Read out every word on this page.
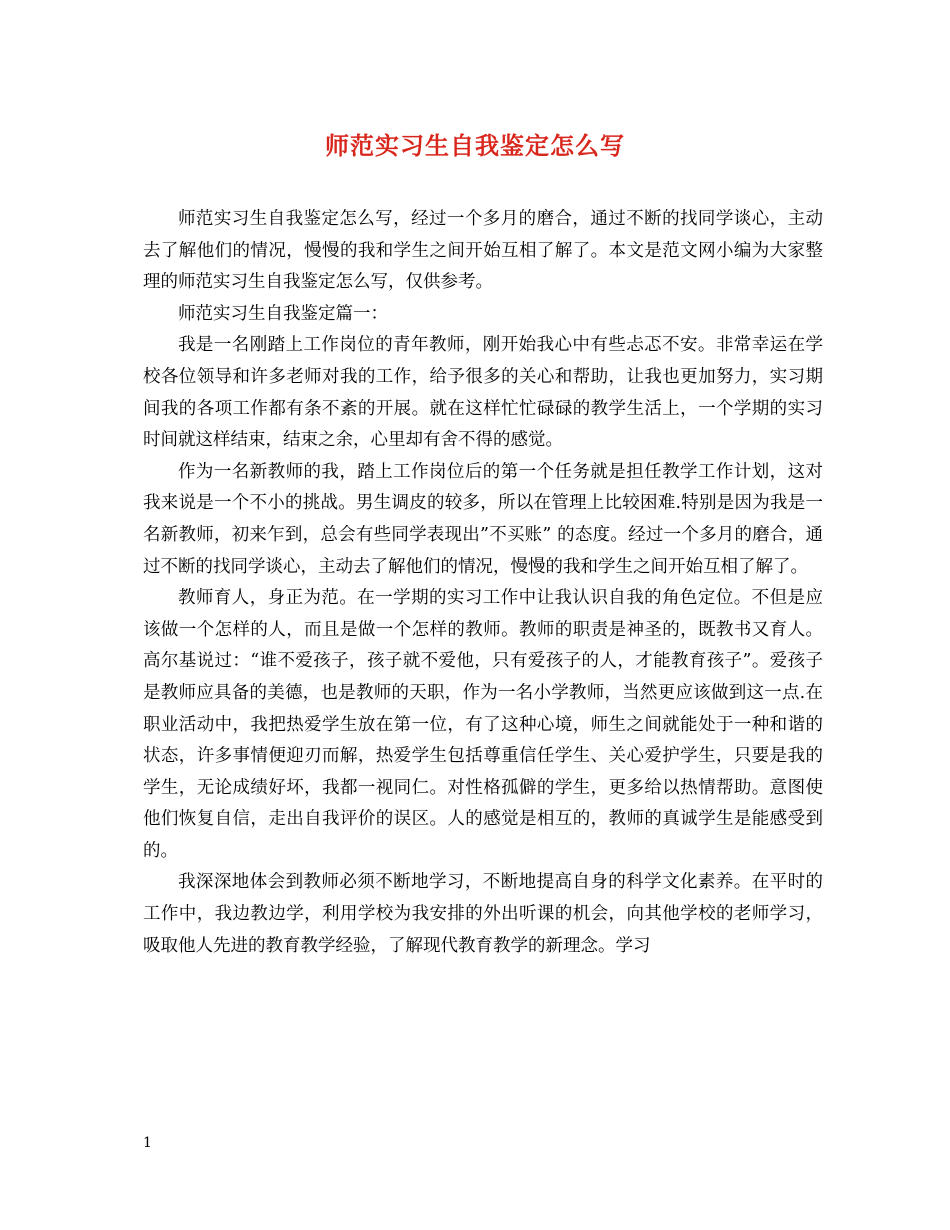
师范实习生自我鉴定怎么写

师范实习生自我鉴定怎么写，经过一个多月的磨合，通过不断的找同学谈心，主动去了解他们的情况，慢慢的我和学生之间开始互相了解了。本文是范文网小编为大家整理的师范实习生自我鉴定怎么写，仅供参考。

师范实习生自我鉴定篇一：

我是一名刚踏上工作岗位的青年教师，刚开始我心中有些忐忑不安。非常幸运在学校各位领导和许多老师对我的工作，给予很多的关心和帮助，让我也更加努力，实习期间我的各项工作都有条不紊的开展。就在这样忙忙碌碌的教学生活上，一个学期的实习时间就这样结束，结束之余，心里却有舍不得的感觉。

作为一名新教师的我，踏上工作岗位后的第一个任务就是担任教学工作计划，这对我来说是一个不小的挑战。男生调皮的较多，所以在管理上比较困难.特别是因为我是一名新教师，初来乍到，总会有些同学表现出”不买账” 的态度。经过一个多月的磨合，通过不断的找同学谈心，主动去了解他们的情况，慢慢的我和学生之间开始互相了解了。

教师育人，身正为范。在一学期的实习工作中让我认识自我的角色定位。不但是应该做一个怎样的人，而且是做一个怎样的教师。教师的职责是神圣的，既教书又育人。高尔基说过：“谁不爱孩子，孩子就不爱他，只有爱孩子的人，才能教育孩子”。爱孩子是教师应具备的美德，也是教师的天职，作为一名小学教师，当然更应该做到这一点.在职业活动中，我把热爱学生放在第一位，有了这种心境，师生之间就能处于一种和谐的状态，许多事情便迎刃而解，热爱学生包括尊重信任学生、关心爱护学生，只要是我的学生，无论成绩好坏，我都一视同仁。对性格孤僻的学生，更多给以热情帮助。意图使他们恢复自信，走出自我评价的误区。人的感觉是相互的，教师的真诚学生是能感受到的。

我深深地体会到教师必须不断地学习，不断地提高自身的科学文化素养。在平时的工作中，我边教边学，利用学校为我安排的外出听课的机会，向其他学校的老师学习，吸取他人先进的教育教学经验，了解现代教育教学的新理念。学习

1
